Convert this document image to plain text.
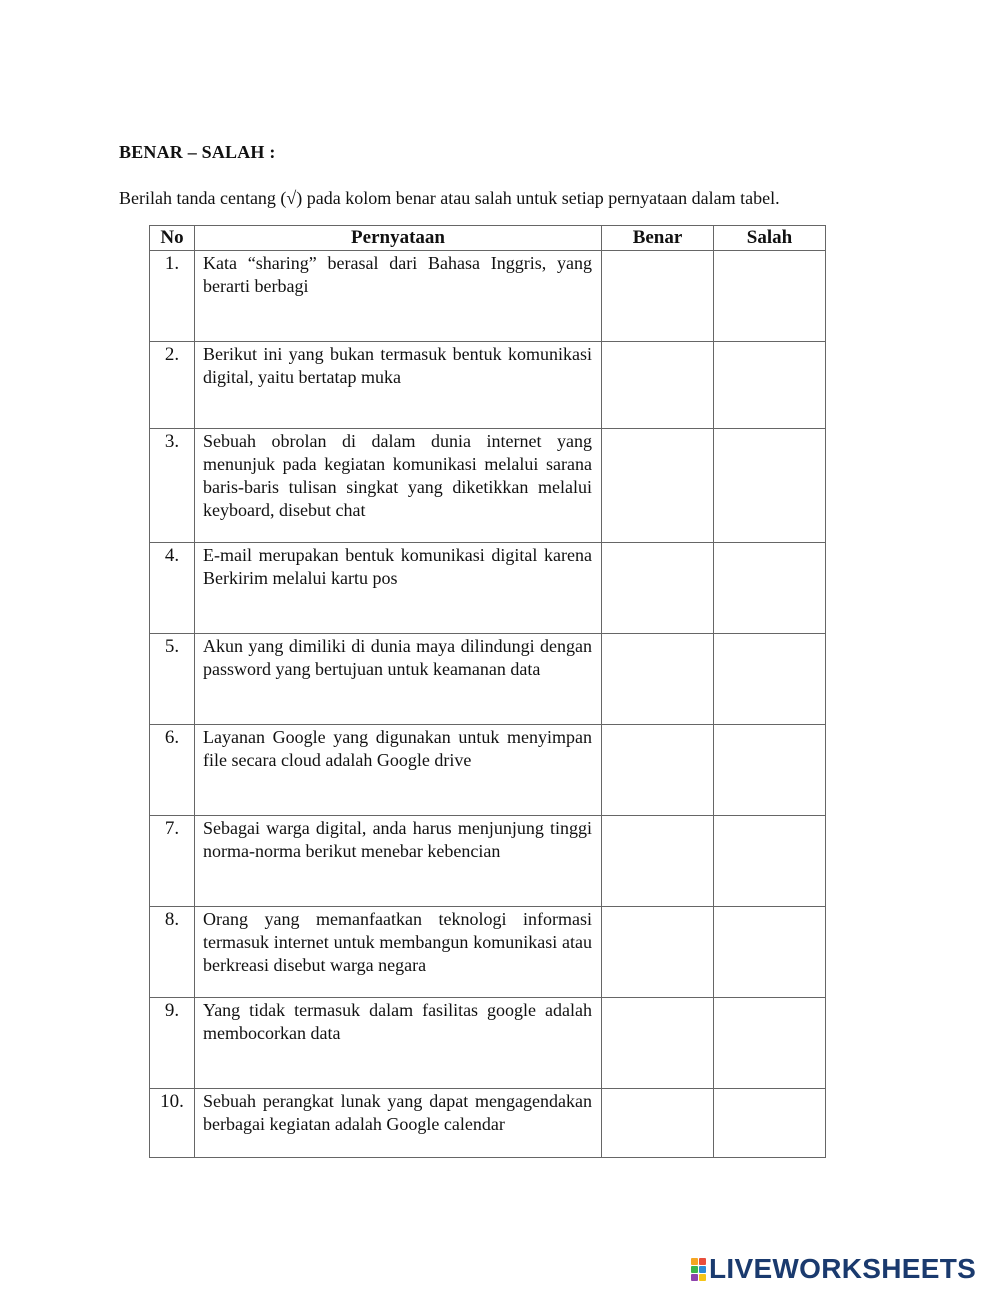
BENAR – SALAH :
Berilah tanda centang (√) pada kolom benar atau salah untuk setiap pernyataan dalam tabel.
No	Pernyataan	Benar	Salah
1.	Kata “sharing” berasal dari Bahasa Inggris, yang berarti berbagi		
2.	Berikut ini yang bukan termasuk bentuk komunikasi digital, yaitu bertatap muka		
3.	Sebuah obrolan di dalam dunia internet yang menunjuk pada kegiatan komunikasi melalui sarana baris-baris tulisan singkat yang diketikkan melalui keyboard, disebut chat		
4.	E-mail merupakan bentuk komunikasi digital karena Berkirim melalui kartu pos		
5.	Akun yang dimiliki di dunia maya dilindungi dengan password yang bertujuan untuk keamanan data		
6.	Layanan Google yang digunakan untuk menyimpan file secara cloud adalah Google drive		
7.	Sebagai warga digital, anda harus menjunjung tinggi norma-norma berikut menebar kebencian		
8.	Orang yang memanfaatkan teknologi informasi termasuk internet untuk membangun komunikasi atau berkreasi disebut warga negara		
9.	Yang tidak termasuk dalam fasilitas google adalah membocorkan data		
10.	Sebuah perangkat lunak yang dapat mengagendakan berbagai kegiatan adalah Google calendar		
LIVEWORKSHEETS
